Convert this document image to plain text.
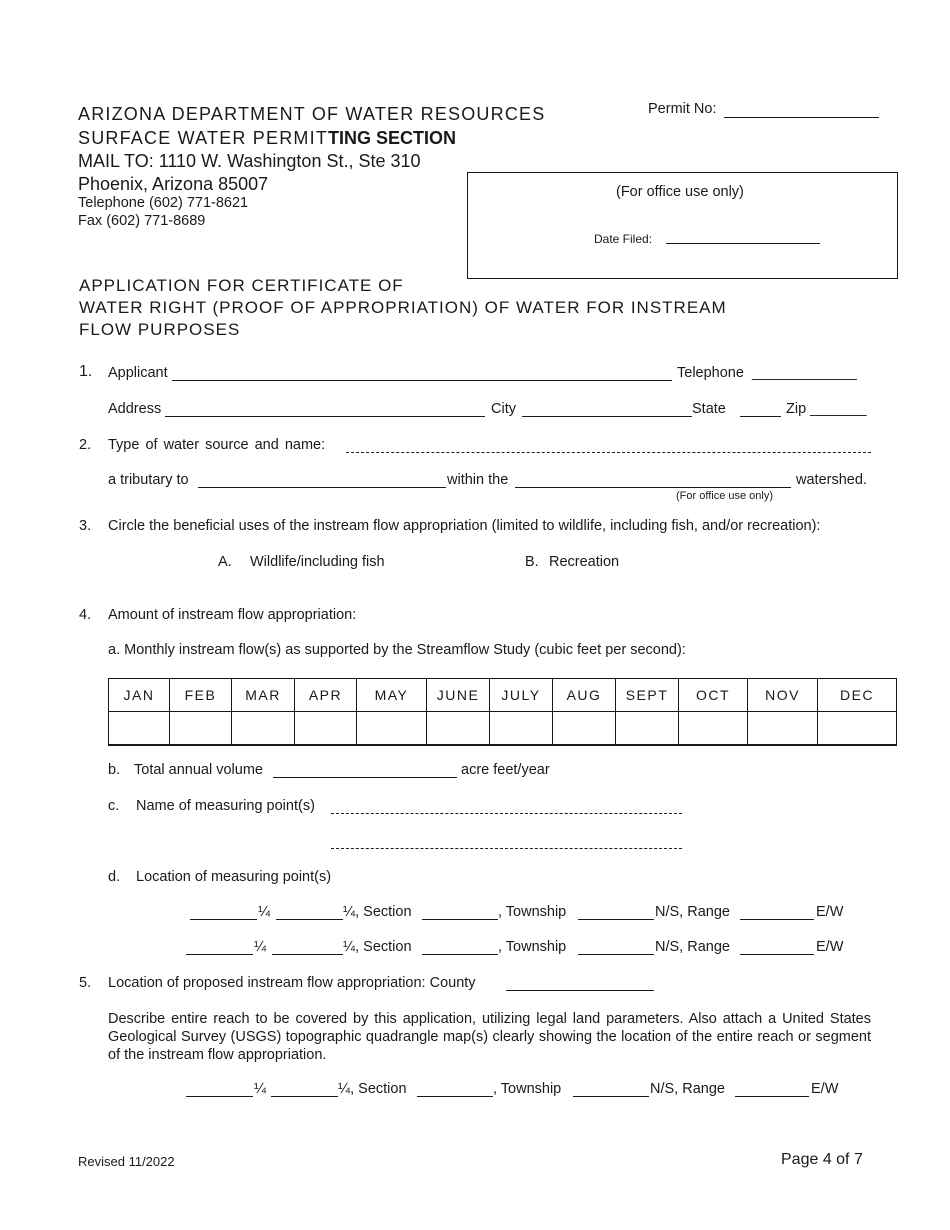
ARIZONA DEPARTMENT OF WATER RESOURCES
SURFACE WATER PERMITTING SECTION
MAIL TO: 1110 W. Washington St., Ste 310
Phoenix, Arizona 85007
Telephone (602) 771-8621
Fax (602) 771-8689
Permit No:
(For office use only)
Date Filed:
APPLICATION FOR CERTIFICATE OF
WATER RIGHT (PROOF OF APPROPRIATION) OF WATER FOR INSTREAM
FLOW PURPOSES
1. Applicant	Telephone _____________
Address	City	State	Zip _______
2. Type of water source and name:
a tributary to	within the	watershed.
(For office use only)
3. Circle the beneficial uses of the instream flow appropriation (limited to wildlife, including fish, and/or recreation):
A. Wildlife/including fish	B. Recreation
4. Amount of instream flow appropriation:
a. Monthly instream flow(s) as supported by the Streamflow Study (cubic feet per second):
JAN	FEB	MAR	APR	MAY	JUNE	JULY	AUG	SEPT	OCT	NOV	DEC

b. Total annual volume	acre feet/year
c. Name of measuring point(s)
d. Location of measuring point(s)
¼	¼, Section	, Township	N/S, Range	E/W
¼	¼, Section	, Township	N/S, Range	E/W
5. Location of proposed instream flow appropriation: County
Describe entire reach to be covered by this application, utilizing legal land parameters. Also attach a United States Geological Survey (USGS) topographic quadrangle map(s) clearly showing the location of the entire reach or segment of the instream flow appropriation.
¼	¼, Section	, Township	N/S, Range	E/W
Revised 11/2022	Page 4 of 7
